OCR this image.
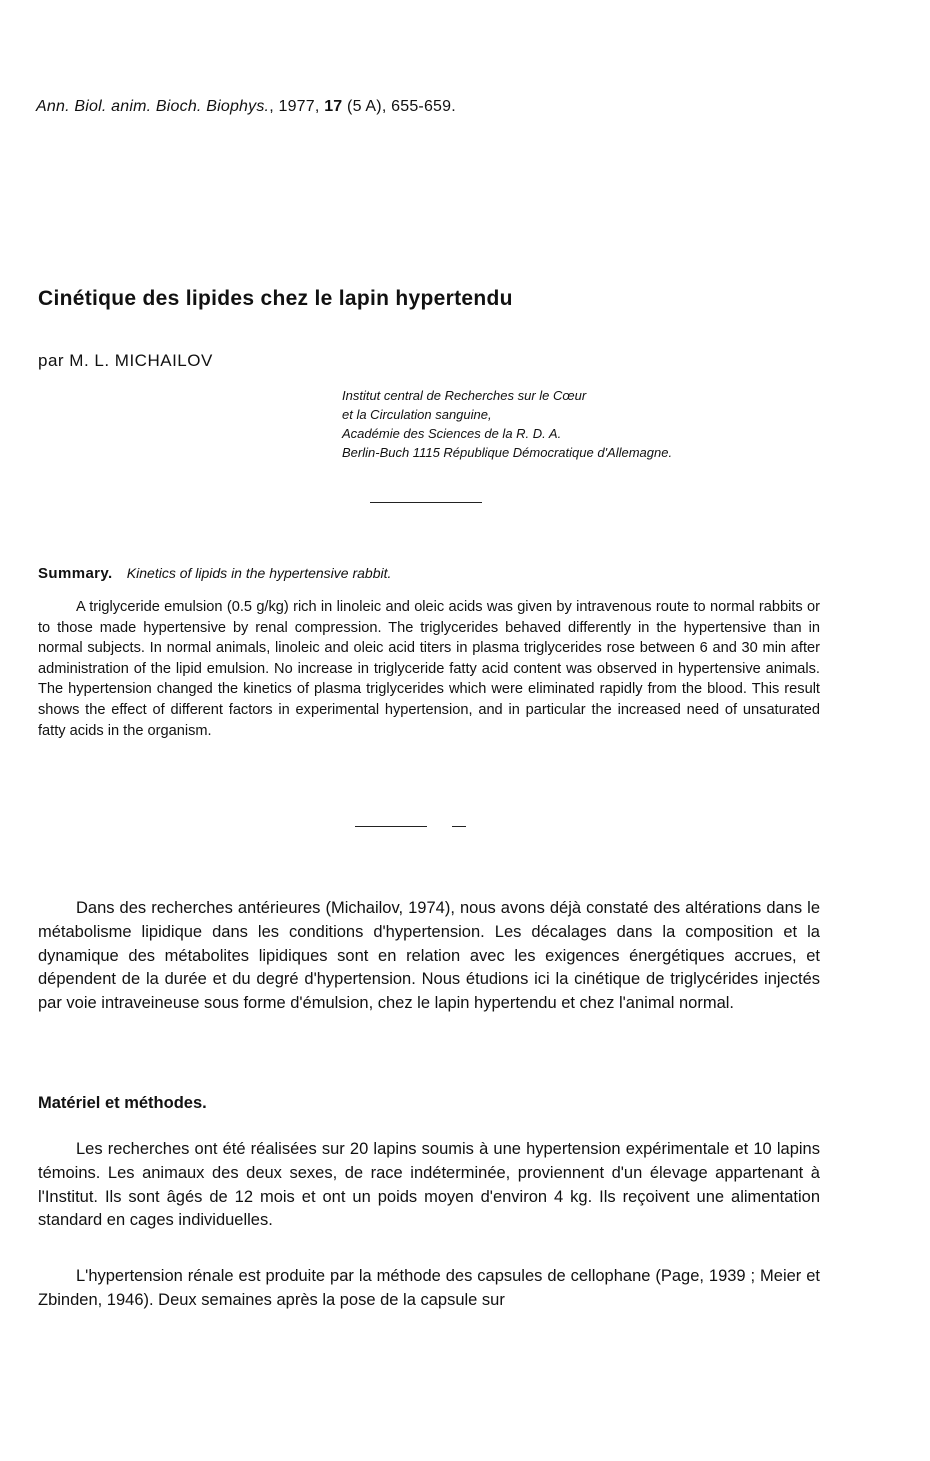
Ann. Biol. anim. Bioch. Biophys., 1977, 17 (5 A), 655-659.
Cinétique des lipides chez le lapin hypertendu
par M. L. MICHAILOV
Institut central de Recherches sur le Cœur
et la Circulation sanguine,
Académie des Sciences de la R. D. A.
Berlin-Buch 1115 République Démocratique d'Allemagne.
Summary. Kinetics of lipids in the hypertensive rabbit.

A triglyceride emulsion (0.5 g/kg) rich in linoleic and oleic acids was given by intravenous route to normal rabbits or to those made hypertensive by renal compression. The triglycerides behaved differently in the hypertensive than in normal subjects. In normal animals, linoleic and oleic acid titers in plasma triglycerides rose between 6 and 30 min after administration of the lipid emulsion. No increase in triglyceride fatty acid content was observed in hypertensive animals. The hypertension changed the kinetics of plasma triglycerides which were eliminated rapidly from the blood. This result shows the effect of different factors in experimental hypertension, and in particular the increased need of unsaturated fatty acids in the organism.

Dans des recherches antérieures (Michailov, 1974), nous avons déjà constaté des altérations dans le métabolisme lipidique dans les conditions d'hypertension. Les décalages dans la composition et la dynamique des métabolites lipidiques sont en relation avec les exigences énergétiques accrues, et dépendent de la durée et du degré d'hypertension. Nous étudions ici la cinétique de triglycérides injectés par voie intraveineuse sous forme d'émulsion, chez le lapin hypertendu et chez l'animal normal.

Matériel et méthodes.

Les recherches ont été réalisées sur 20 lapins soumis à une hypertension expérimentale et 10 lapins témoins. Les animaux des deux sexes, de race indéterminée, proviennent d'un élevage appartenant à l'Institut. Ils sont âgés de 12 mois et ont un poids moyen d'environ 4 kg. Ils reçoivent une alimentation standard en cages individuelles.

L'hypertension rénale est produite par la méthode des capsules de cellophane (Page, 1939 ; Meier et Zbinden, 1946). Deux semaines après la pose de la capsule sur
